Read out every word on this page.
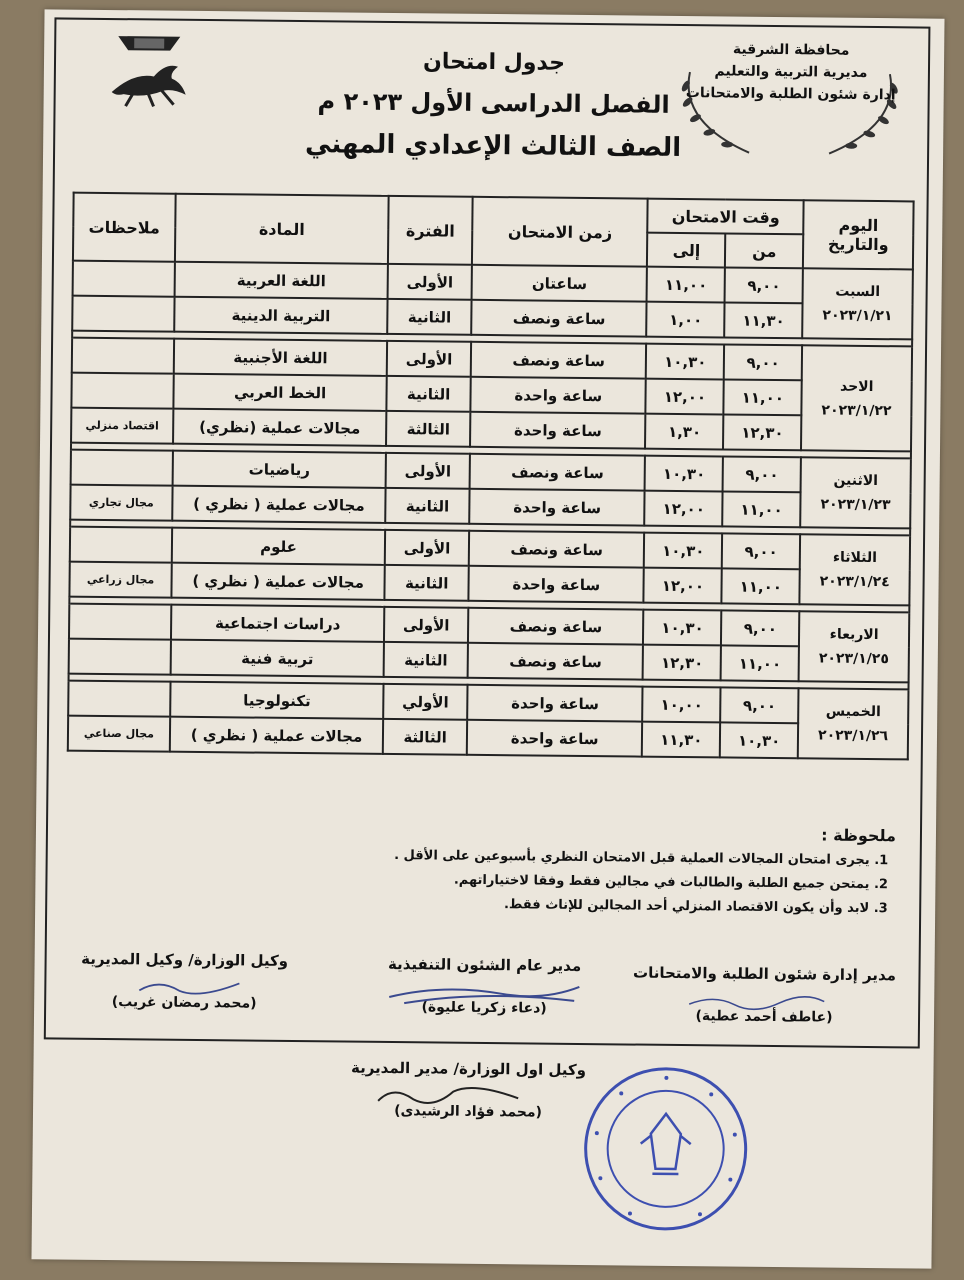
محافظة الشرقية
مديرية التربية والتعليم
إدارة شئون الطلبة والامتحانات
جدول امتحان
الفصل الدراسى الأول ٢٠٢٣ م
الصف الثالث الإعدادي المهني
اليوم والتاريخ	وقت الامتحان		زمن الامتحان	الفترة	المادة	ملاحظات
	من	إلى				

السبت
٢٠٢٣/١/٢١	٩,٠٠	١١,٠٠	ساعتان	الأولى	اللغة العربية	
	١١,٣٠	١,٠٠	ساعة ونصف	الثانية	التربية الدينية	

الاحد
٢٠٢٣/١/٢٢	٩,٠٠	١٠,٣٠	ساعة ونصف	الأولى	اللغة الأجنبية	
	١١,٠٠	١٢,٠٠	ساعة واحدة	الثانية	الخط العربي	
	١٢,٣٠	١,٣٠	ساعة واحدة	الثالثة	مجالات عملية (نظري)	اقتصاد منزلي

الاثنين
٢٠٢٣/١/٢٣	٩,٠٠	١٠,٣٠	ساعة ونصف	الأولى	رياضيات	
	١١,٠٠	١٢,٠٠	ساعة واحدة	الثانية	مجالات عملية ( نظري )	مجال تجاري

الثلاثاء
٢٠٢٣/١/٢٤	٩,٠٠	١٠,٣٠	ساعة ونصف	الأولى	علوم	
	١١,٠٠	١٢,٠٠	ساعة واحدة	الثانية	مجالات عملية ( نظري )	مجال زراعي

الاربعاء
٢٠٢٣/١/٢٥	٩,٠٠	١٠,٣٠	ساعة ونصف	الأولى	دراسات اجتماعية	
	١١,٠٠	١٢,٣٠	ساعة ونصف	الثانية	تربية فنية	

الخميس
٢٠٢٣/١/٢٦	٩,٠٠	١٠,٠٠	ساعة واحدة	الأولي	تكنولوجيا	
	١٠,٣٠	١١,٣٠	ساعة واحدة	الثالثة	مجالات عملية ( نظري )	مجال صناعي
ملحوظة :
1. يجرى امتحان المجالات العملية قبل الامتحان النظري بأسبوعين على الأقل .
2. يمتحن جميع الطلبة والطالبات في مجالين فقط وفقا لاختياراتهم.
3. لابد وأن يكون الاقتصاد المنزلي أحد المجالين للإناث فقط.
مدير إدارة شئون الطلبة والامتحانات
(عاطف أحمد عطية)
مدير عام الشئون التنفيذية
(دعاء زكريا عليوة)
وكيل الوزارة/ وكيل المديرية
(محمد رمضان غريب)
وكيل اول الوزارة/ مدير المديرية
(محمد فؤاد الرشيدى)
